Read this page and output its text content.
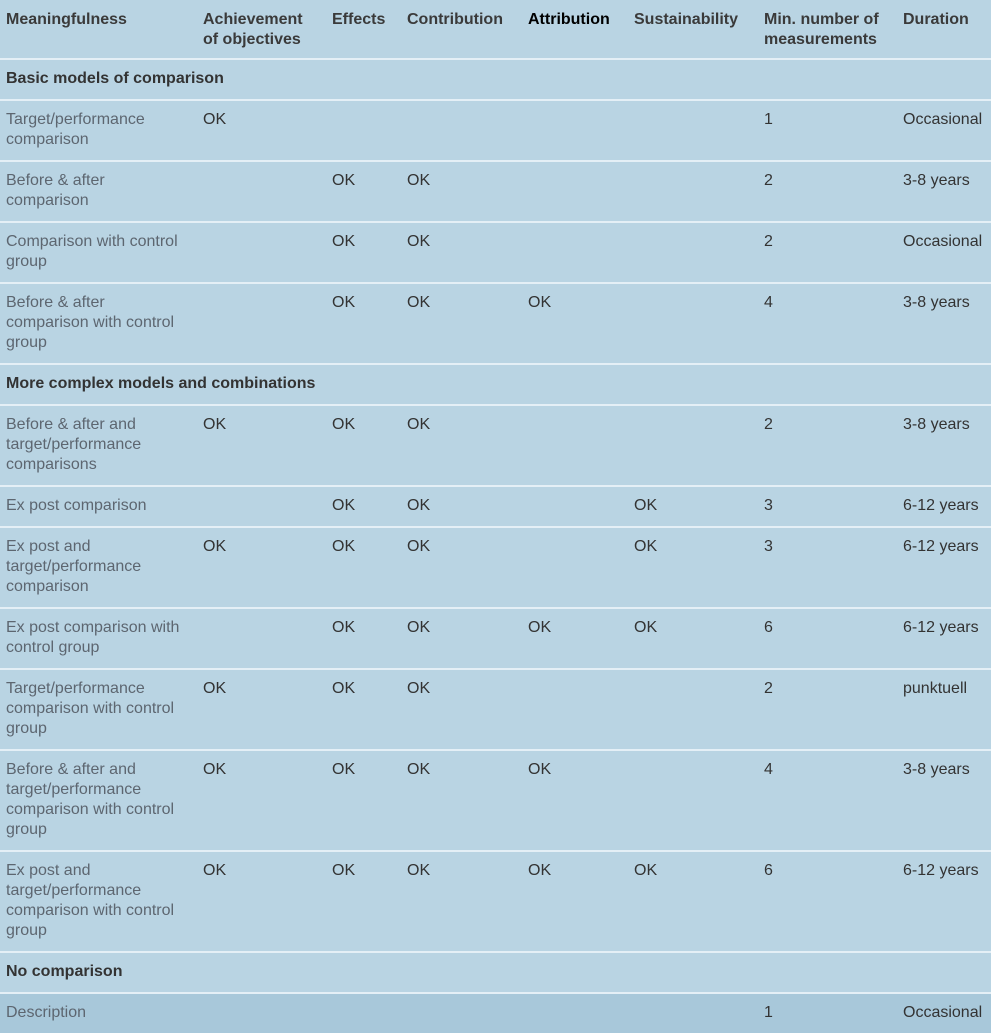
Meaningfulness	Achievement of objectives	Effects	Contribution	Attribution	Sustainability	Min. number of measurements	Duration
Basic models of comparison							
Target/performance comparison	OK					1	Occasional
Before & after comparison		OK	OK			2	3-8 years
Comparison with control group		OK	OK			2	Occasional
Before & after comparison with control group		OK	OK	OK		4	3-8 years
More complex models and combinations							
Before & after and target/performance comparisons	OK	OK	OK			2	3-8 years
Ex post comparison		OK	OK		OK	3	6-12 years
Ex post and target/performance comparison	OK	OK	OK		OK	3	6-12 years
Ex post comparison with control group		OK	OK	OK	OK	6	6-12 years
Target/performance comparison with control group	OK	OK	OK			2	punktuell
Before & after and target/performance comparison with control group	OK	OK	OK	OK		4	3-8 years
Ex post and target/performance comparison with control group	OK	OK	OK	OK	OK	6	6-12 years
No comparison							
Description						1	Occasional
